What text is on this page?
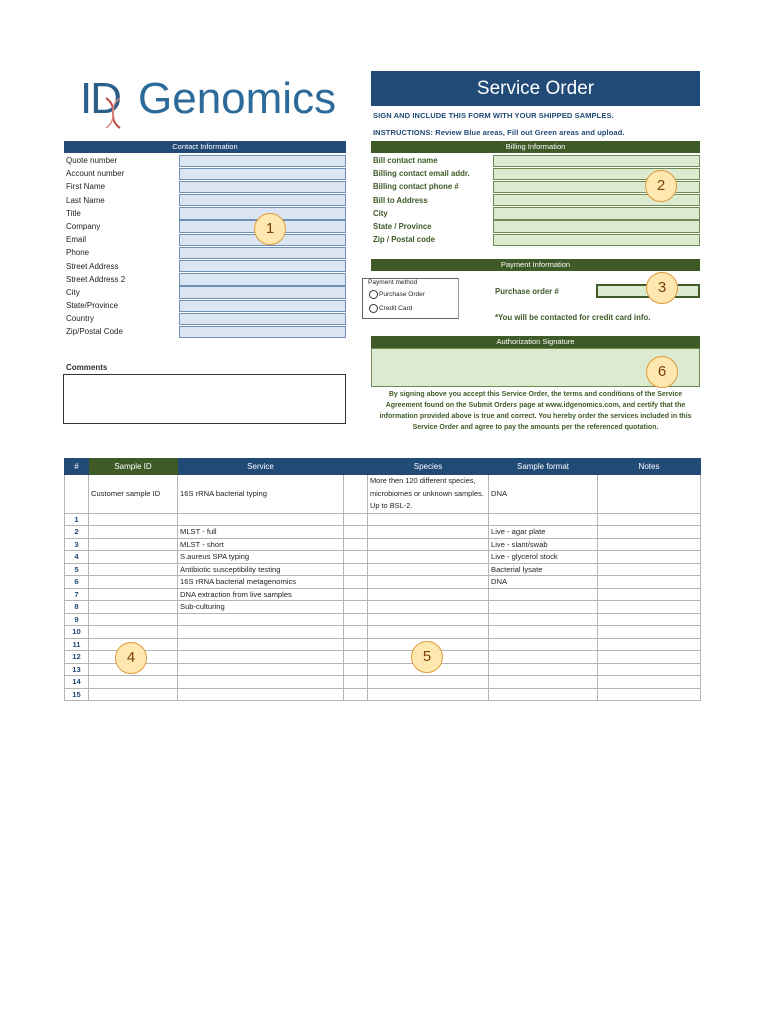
ID Genomics	Service Order
SIGN AND INCLUDE THIS FORM WITH YOUR SHIPPED SAMPLES.
INSTRUCTIONS: Review Blue areas, Fill out Green areas and upload.
Contact Information
Quote number
Account number
First Name
Last Name
Title
Company
Email
Phone
Street Address
Street Address 2
City
State/Province
Country
Zip/Postal Code
1
Billing Information
Bill contact name
Billing contact email addr.
Billing contact phone #
Bill to Address
City
State / Province
Zip / Postal code
2
Payment Information
Payment method
Purchase Order
Credit Card
Purchase order #	3
*You will be contacted for credit card info.
Authorization Signature
6
By signing above you accept this Service Order, the terms and conditions of the Service Agreement found on the Submit Orders page at www.idgenomics.com, and certify that the information provided above is true and correct. You hereby order the services included in this Service Order and agree to pay the amounts per the referenced quotation.
Comments
#	Sample ID	Service		Species	Sample format	Notes
	Customer sample ID	16S rRNA bacterial typing		More then 120 different species, microbiomes or unknown samples. Up to BSL-2.	DNA	
1						
2		MLST - full			Live - agar plate	
3		MLST - short			Live - slant/swab	
4		S.aureus SPA typing			Live - glycerol stock	
5		Antibiotic susceptibility testing			Bacterial lysate	
6		16S rRNA bacterial metagenomics			DNA	
7		DNA extraction from live samples				
8		Sub-culturing				
9						
10						
11						
12						
13						
14						
15						
4	5
